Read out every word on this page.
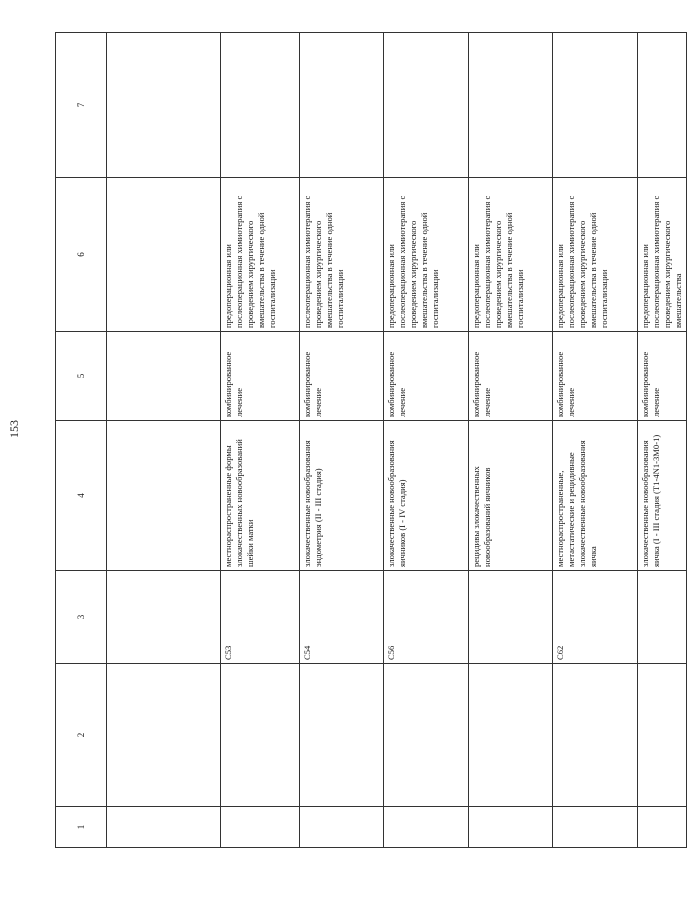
153
1	2	3	4	5	6	7

		C53	местнораспространенные формы злокачественных новообразований шейки матки	комбинированное лечение	предоперационная или послеоперационная химиотерапия с проведением хирургического вмешательства в течение одной госпитализации	
		C54	злокачественные новообразования эндометрия (II - III стадия)	комбинированное лечение	послеоперационная химиотерапия с проведением хирургического вмешательства в течение одной госпитализации	
		C56	злокачественные новообразования яичников (I - IV стадия)	комбинированное лечение	предоперационная или послеоперационная химиотерапия с проведением хирургического вмешательства в течение одной госпитализации	
			рецидивы злокачественных новообразований яичников	комбинированное лечение	предоперационная или послеоперационная химиотерапия с проведением хирургического вмешательства в течение одной госпитализации	
		C62	местнораспространенные, метастатические и рецидивные злокачественные новообразования яичка	комбинированное лечение	предоперационная или послеоперационная химиотерапия с проведением хирургического вмешательства в течение одной госпитализации	
			злокачественные новообразования яичка (I - III стадия (T1-4N1-3M0-1)	комбинированное лечение	предоперационная или послеоперационная химиотерапия с проведением хирургического вмешательства	
